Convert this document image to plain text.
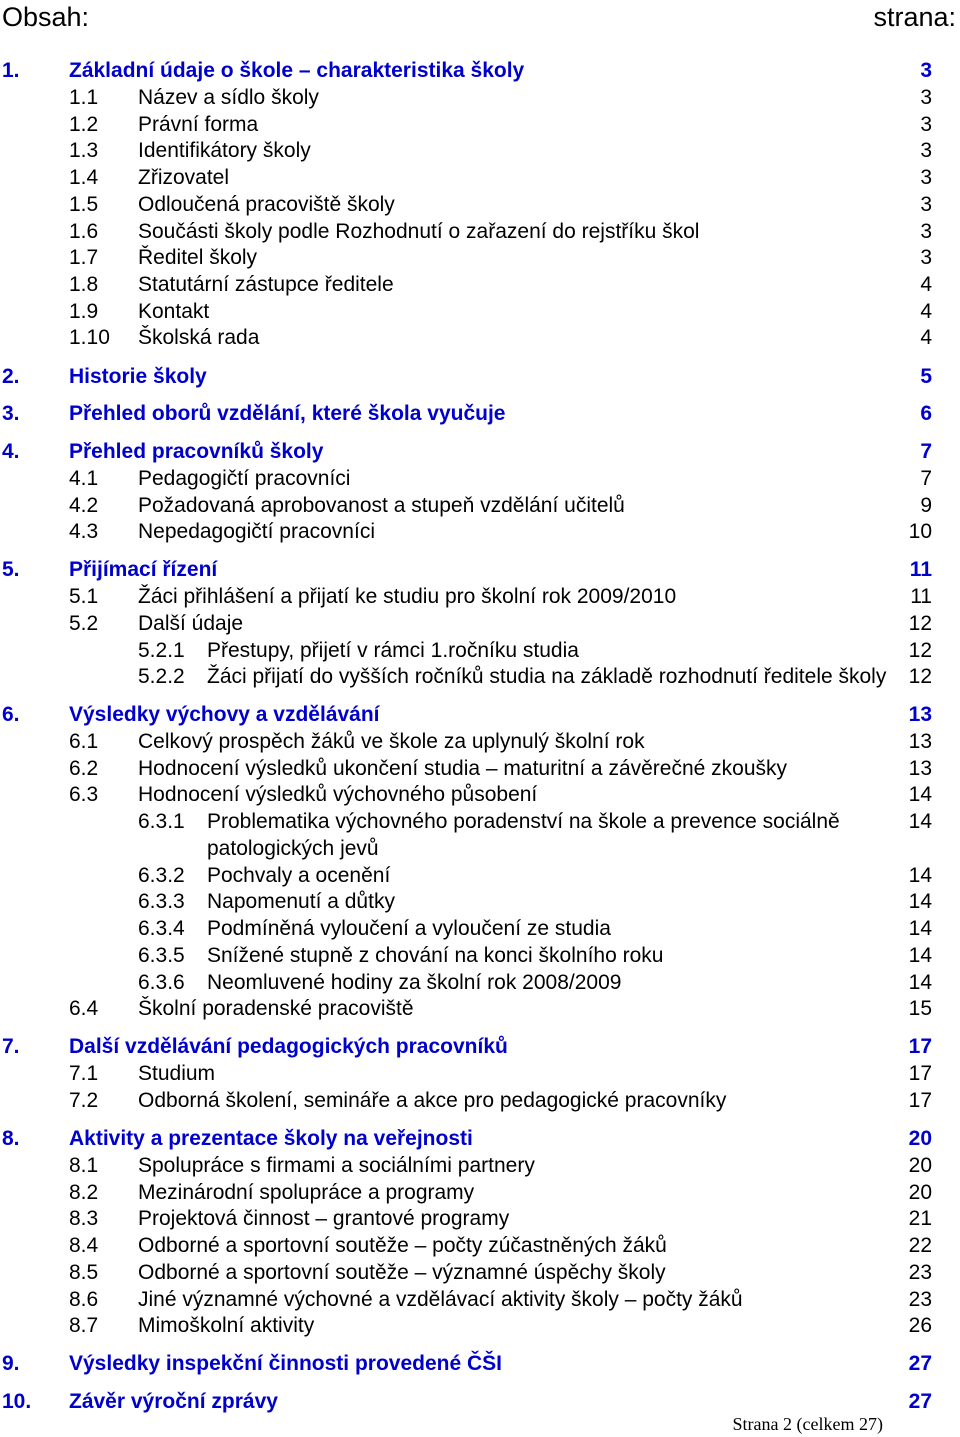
Obsah:	strana:
1. Základní údaje o škole – charakteristika školy	3
1.1 Název a sídlo školy	3
1.2 Právní forma	3
1.3 Identifikátory školy	3
1.4 Zřizovatel	3
1.5 Odloučená pracoviště školy	3
1.6 Součásti školy podle Rozhodnutí o zařazení do rejstříku škol	3
1.7 Ředitel školy	3
1.8 Statutární zástupce ředitele	4
1.9 Kontakt	4
1.10 Školská rada	4
2. Historie školy	5
3. Přehled oborů vzdělání, které škola vyučuje	6
4. Přehled pracovníků školy	7
4.1 Pedagogičtí pracovníci	7
4.2 Požadovaná aprobovanost a stupeň vzdělání učitelů	9
4.3 Nepedagogičtí pracovníci	10
5. Přijímací řízení	11
5.1 Žáci přihlášení a přijatí ke studiu pro školní rok 2009/2010	11
5.2 Další údaje	12
5.2.1 Přestupy, přijetí v rámci 1.ročníku studia	12
5.2.2 Žáci přijatí do vyšších ročníků studia na základě rozhodnutí ředitele školy 12
6. Výsledky výchovy a vzdělávání	13
6.1 Celkový prospěch žáků ve škole za uplynulý školní rok	13
6.2 Hodnocení výsledků ukončení studia – maturitní a závěrečné zkoušky	13
6.3 Hodnocení výsledků výchovného působení	14
6.3.1 Problematika výchovného poradenství na škole a prevence sociálně	14
patologických jevů
6.3.2 Pochvaly a ocenění	14
6.3.3 Napomenutí a důtky	14
6.3.4 Podmíněná vyloučení a vyloučení ze studia	14
6.3.5 Snížené stupně z chování na konci školního roku	14
6.3.6 Neomluvené hodiny za školní rok 2008/2009	14
6.4 Školní poradenské pracoviště	15
7. Další vzdělávání pedagogických pracovníků	17
7.1 Studium	17
7.2 Odborná školení, semináře a akce pro pedagogické pracovníky	17
8. Aktivity a prezentace školy na veřejnosti	20
8.1 Spolupráce s firmami a sociálními partnery	20
8.2 Mezinárodní spolupráce a programy	20
8.3 Projektová činnost – grantové programy	21
8.4 Odborné a sportovní soutěže – počty zúčastněných žáků	22
8.5 Odborné a sportovní soutěže – významné úspěchy školy	23
8.6 Jiné významné výchovné a vzdělávací aktivity školy – počty žáků	23
8.7 Mimoškolní aktivity	26
9. Výsledky inspekční činnosti provedené ČŠI	27
10. Závěr výroční zprávy	27
Strana 2 (celkem 27)
